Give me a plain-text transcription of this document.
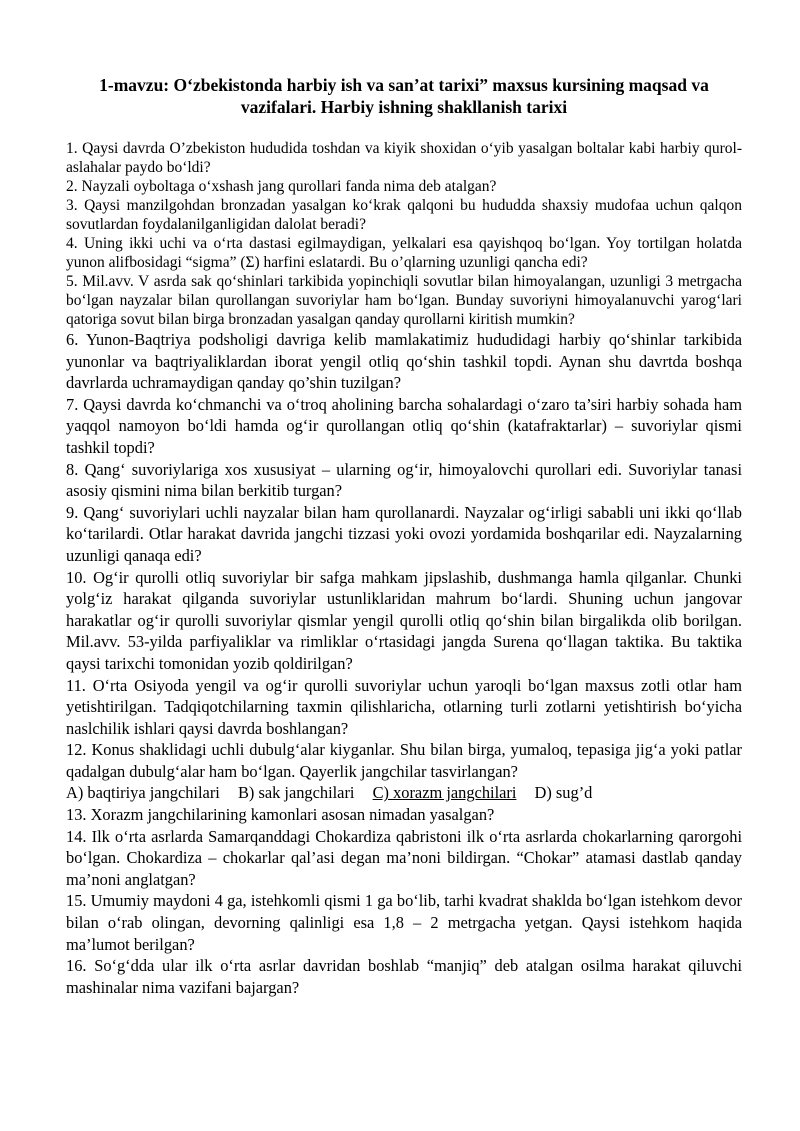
1-mavzu: O‘zbekistonda harbiy ish va san’at tarixi” maxsus kursining maqsad va
vazifalari. Harbiy ishning shakllanish tarixi

1. Qaysi davrda O’zbekiston hududida toshdan va kiyik shoxidan o‘yib yasalgan boltalar kabi harbiy qurol-aslahalar paydo bo‘ldi?

2. Nayzali oyboltaga o‘xshash jang qurollari fanda nima deb atalgan?

3. Qaysi manzilgohdan bronzadan yasalgan ko‘krak qalqoni bu hududda shaxsiy mudofaa uchun qalqon sovutlardan foydalanilganligidan dalolat beradi?

4. Uning ikki uchi va o‘rta dastasi egilmaydigan, yelkalari esa qayishqoq bo‘lgan. Yoy tortilgan holatda yunon alifbosidagi “sigma” (Σ) harfini eslatardi. Bu o’qlarning uzunligi qancha edi?

5. Mil.avv. V asrda sak qo‘shinlari tarkibida yopinchiqli sovutlar bilan himoyalangan, uzunligi 3 metrgacha bo‘lgan nayzalar bilan qurollangan suvoriylar ham bo‘lgan. Bunday suvoriyni himoyalanuvchi yarog‘lari qatoriga sovut bilan birga bronzadan yasalgan qanday qurollarni kiritish mumkin?

6. Yunon-Baqtriya podsholigi davriga kelib mamlakatimiz hududidagi harbiy qo‘shinlar tarkibida yunonlar va baqtriyaliklardan iborat yengil otliq qo‘shin tashkil topdi. Aynan shu davrtda boshqa davrlarda uchramaydigan qanday qo’shin tuzilgan?

7. Qaysi davrda ko‘chmanchi va o‘troq aholining barcha sohalardagi o‘zaro ta’siri harbiy sohada ham yaqqol namoyon bo‘ldi hamda og‘ir qurollangan otliq qo‘shin (katafraktarlar) – suvoriylar qismi tashkil topdi?

8. Qang‘ suvoriylariga xos xususiyat – ularning og‘ir, himoyalovchi qurollari edi. Suvoriylar tanasi asosiy qismini nima bilan berkitib turgan?

9. Qang‘ suvoriylari uchli nayzalar bilan ham qurollanardi. Nayzalar og‘irligi sababli uni ikki qo‘llab ko‘tarilardi. Otlar harakat davrida jangchi tizzasi yoki ovozi yordamida boshqarilar edi. Nayzalarning uzunligi qanaqa edi?

10. Og‘ir qurolli otliq suvoriylar bir safga mahkam jipslashib, dushmanga hamla qilganlar. Chunki yolg‘iz harakat qilganda suvoriylar ustunliklaridan mahrum bo‘lardi. Shuning uchun jangovar harakatlar og‘ir qurolli suvoriylar qismlar yengil qurolli otliq qo‘shin bilan birgalikda olib borilgan. Mil.avv. 53-yilda parfiyaliklar va rimliklar o‘rtasidagi jangda Surena qo‘llagan taktika. Bu taktika qaysi tarixchi tomonidan yozib qoldirilgan?

11. O‘rta Osiyoda yengil va og‘ir qurolli suvoriylar uchun yaroqli bo‘lgan maxsus zotli otlar ham yetishtirilgan. Tadqiqotchilarning taxmin qilishlaricha, otlarning turli zotlarni yetishtirish bo‘yicha naslchilik ishlari qaysi davrda boshlangan?

12. Konus shaklidagi uchli dubulg‘alar kiyganlar. Shu bilan birga, yumaloq, tepasiga jig‘a yoki patlar qadalgan dubulg‘alar ham bo‘lgan. Qayerlik jangchilar tasvirlangan?

A) baqtiriya jangchilari B) sak jangchilari C) xorazm jangchilari D) sug’d

13. Xorazm jangchilarining kamonlari asosan nimadan yasalgan?

14. Ilk o‘rta asrlarda Samarqanddagi Chokardiza qabristoni ilk o‘rta asrlarda chokarlarning qarorgohi bo‘lgan. Chokardiza – chokarlar qal’asi degan ma’noni bildirgan. “Chokar” atamasi dastlab qanday ma’noni anglatgan?

15. Umumiy maydoni 4 ga, istehkomli qismi 1 ga bo‘lib, tarhi kvadrat shaklda bo‘lgan istehkom devor bilan o‘rab olingan, devorning qalinligi esa 1,8 – 2 metrgacha yetgan. Qaysi istehkom haqida ma’lumot berilgan?

16. So‘g‘dda ular ilk o‘rta asrlar davridan boshlab “manjiq” deb atalgan osilma harakat qiluvchi mashinalar nima vazifani bajargan?
